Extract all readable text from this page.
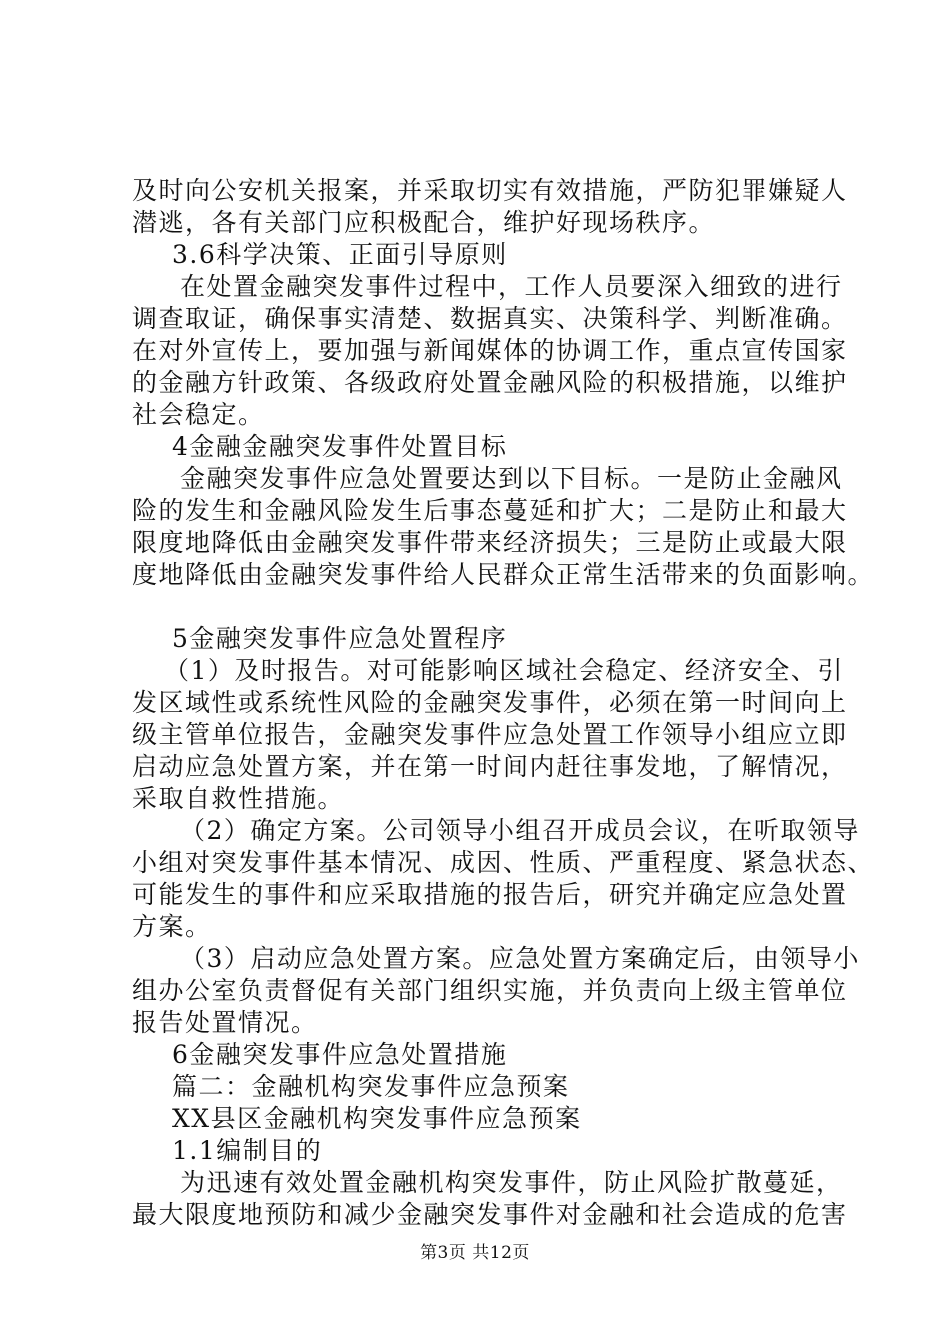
及时向公安机关报案，并采取切实有效措施，严防犯罪嫌疑人
潜逃，各有关部门应积极配合，维护好现场秩序。
3.6科学决策、正面引导原则
在处置金融突发事件过程中，工作人员要深入细致的进行
调查取证，确保事实清楚、数据真实、决策科学、判断准确。
在对外宣传上，要加强与新闻媒体的协调工作，重点宣传国家
的金融方针政策、各级政府处置金融风险的积极措施，以维护
社会稳定。
4金融金融突发事件处置目标
金融突发事件应急处置要达到以下目标。一是防止金融风
险的发生和金融风险发生后事态蔓延和扩大；二是防止和最大
限度地降低由金融突发事件带来经济损失；三是防止或最大限
度地降低由金融突发事件给人民群众正常生活带来的负面影响。
5金融突发事件应急处置程序
（1）及时报告。对可能影响区域社会稳定、经济安全、引
发区域性或系统性风险的金融突发事件，必须在第一时间向上
级主管单位报告，金融突发事件应急处置工作领导小组应立即
启动应急处置方案，并在第一时间内赶往事发地，了解情况，
采取自救性措施。
（2）确定方案。公司领导小组召开成员会议，在听取领导
小组对突发事件基本情况、成因、性质、严重程度、紧急状态、
可能发生的事件和应采取措施的报告后，研究并确定应急处置
方案。
（3）启动应急处置方案。应急处置方案确定后，由领导小
组办公室负责督促有关部门组织实施，并负责向上级主管单位
报告处置情况。
6金融突发事件应急处置措施
篇二：金融机构突发事件应急预案
XX县区金融机构突发事件应急预案
1.1编制目的
为迅速有效处置金融机构突发事件，防止风险扩散蔓延，
最大限度地预防和减少金融突发事件对金融和社会造成的危害
第3页 共12页
